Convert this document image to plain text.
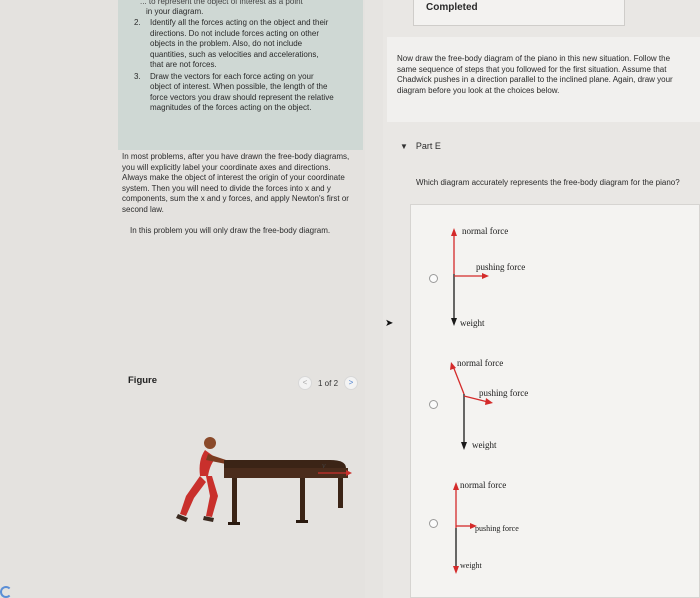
... to represent the object of interest as a point
in your diagram.
2. Identify all the forces acting on the object and their directions. Do not include forces acting on other objects in the problem. Also, do not include quantities, such as velocities and accelerations, that are not forces.
3. Draw the vectors for each force acting on your object of interest. When possible, the length of the force vectors you draw should represent the relative magnitudes of the forces acting on the object.
In most problems, after you have drawn the free-body diagrams, you will explicitly label your coordinate axes and directions. Always make the object of interest the origin of your coordinate system. Then you will need to divide the forces into x and y components, sum the x and y forces, and apply Newton's first or second law.
In this problem you will only draw the free-body diagram.
Figure	<	1 of 2	>
v
Completed
Now draw the free-body diagram of the piano in this new situation. Follow the same sequence of steps that you followed for the first situation. Assume that Chadwick pushes in a direction parallel to the inclined plane. Again, draw your diagram before you look at the choices below.
▼ Part E
Which diagram accurately represents the free-body diagram for the piano?
normal force
pushing force
weight
normal force
pushing force
weight
normal force
pushing force
weight
➤
